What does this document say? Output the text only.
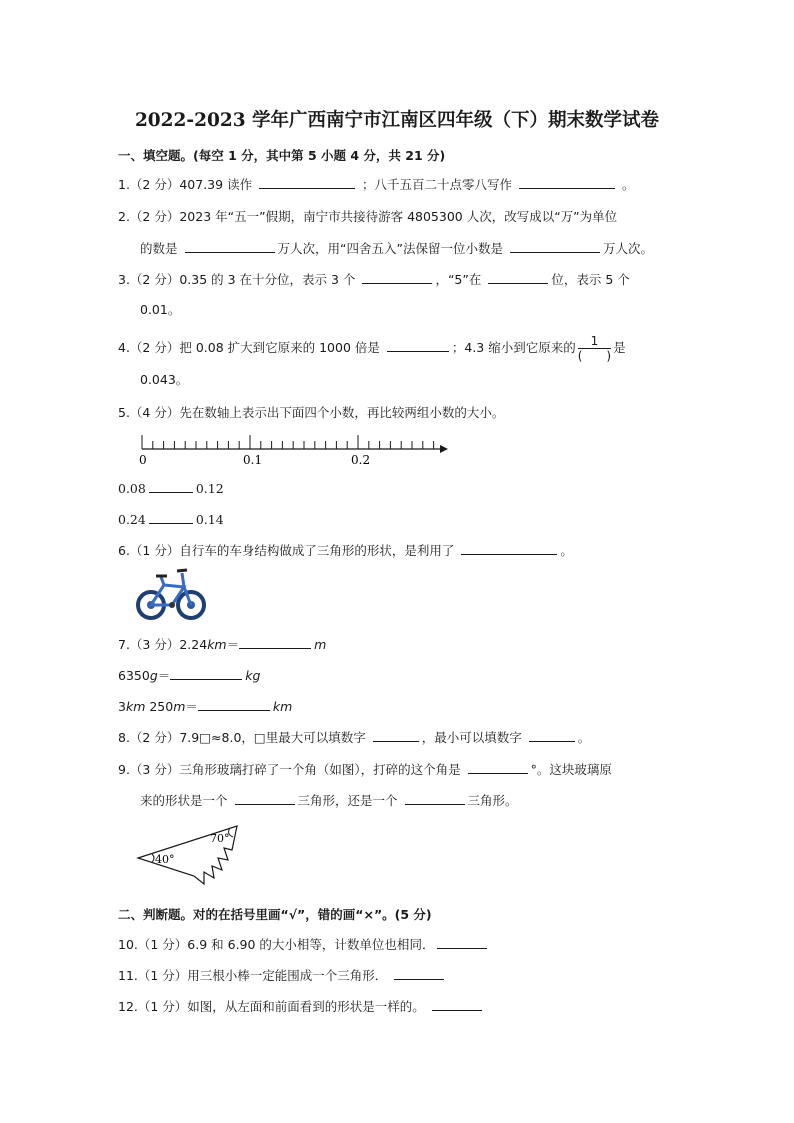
2022-2023 学年广西南宁市江南区四年级（下）期末数学试卷
一、填空题。(每空 1 分，其中第 5 小题 4 分，共 21 分)
1.（2 分）407.39 读作	；八千五百二十点零八写作	。
2.（2 分）2023 年“五一”假期，南宁市共接待游客 4805300 人次，改写成以“万”为单位
的数是	万人次，用“四舍五入”法保留一位小数是	万人次。
3.（2 分）0.35 的 3 在十分位，表示 3 个	，“5”在	位，表示 5 个
0.01。
4.（2 分）把 0.08 扩大到它原来的 1000 倍是	；4.3 缩小到它原来的 $\frac{1}{( )}$ 是
0.043。
5.（4 分）先在数轴上表示出下面四个小数，再比较两组小数的大小。
0	0.1	0.2
0.08	0.12
0.24	0.14
6.（1 分）自行车的车身结构做成了三角形的形状，是利用了	。
7.（3 分）2.24km＝	m
6350g＝	kg
3km 250m＝	km
8.（2 分）7.9□≈8.0，□里最大可以填数字	，最小可以填数字	。
9.（3 分）三角形玻璃打碎了一个角（如图），打碎的这个角是	°。这块玻璃原
来的形状是一个	三角形，还是一个	三角形。
70°
40°
二、判断题。对的在括号里画“√”，错的画“×”。(5 分)
10.（1 分）6.9 和 6.90 的大小相等，计数单位也相同．
11.（1 分）用三根小棒一定能围成一个三角形．
12.（1 分）如图，从左面和前面看到的形状是一样的。
